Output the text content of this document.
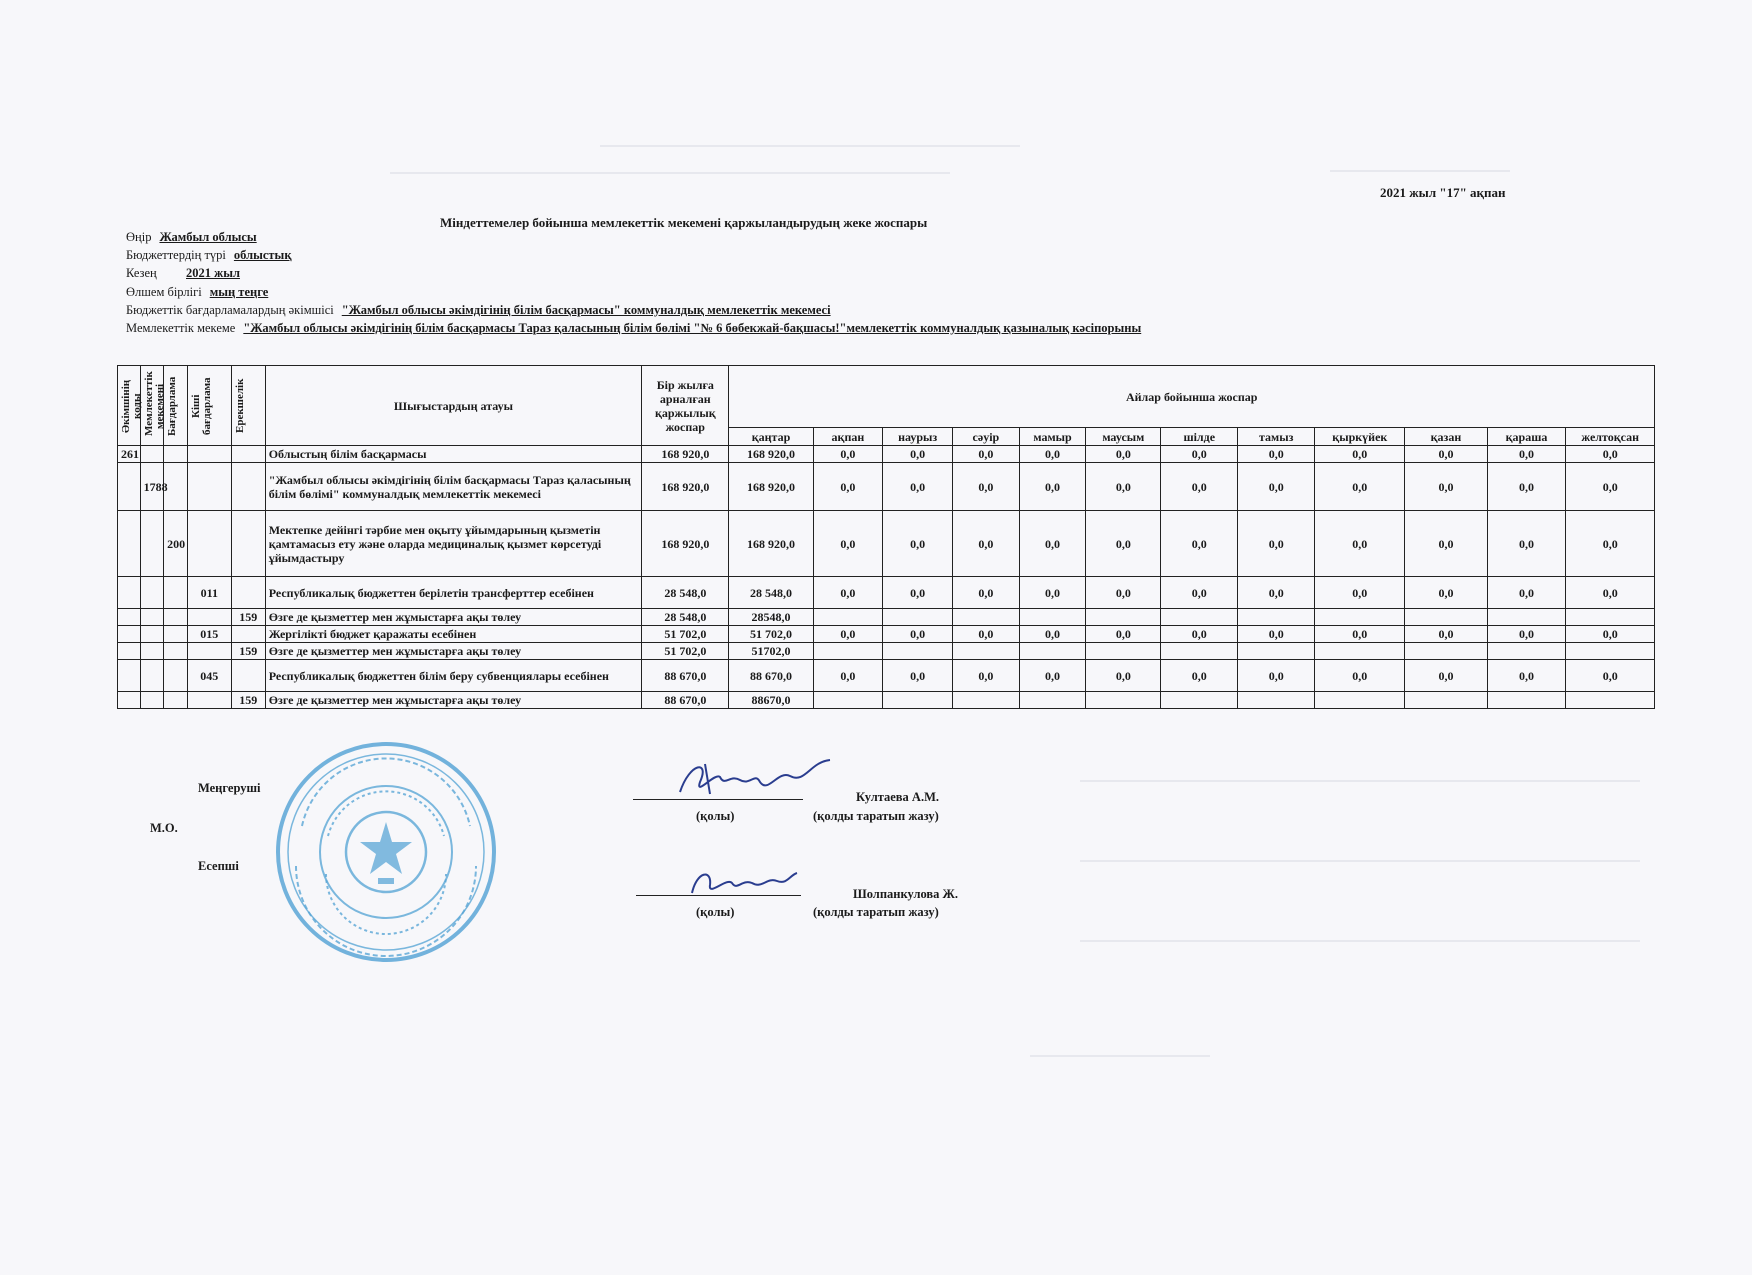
2021 жыл "17" ақпан
Міндеттемелер бойынша мемлекеттік мекемені қаржыландырудың жеке жоспары
Өңір Жамбыл облысы
Бюджеттердің түрі облыстық
Кезең 2021 жыл
Өлшем бірлігі мың теңге
Бюджеттік бағдарламалардың әкімшісі "Жамбыл облысы әкімдігінің білім басқармасы" коммуналдық мемлекеттік мекемесі
Мемлекеттік мекеме "Жамбыл облысы әкімдігінің білім басқармасы Тараз қаласының білім бөлімі "№ 6 бөбекжай-бақшасы!"мемлекеттік коммуналдық қазыналық кәсіпорыны
Әкімшінің коды	Мемлекеттік мекемені	Бағдарлама	Кіші бағдарлама	Ерекшелік	Шығыстардың атауы	Бір жылға арналған қаржылық жоспар	Айлар бойынша жоспар											
							қаңтар	ақпан	наурыз	сәуір	мамыр	маусым	шілде	тамыз	қыркүйек	қазан	қараша	желтоқсан
261					Облыстың білім басқармасы	168 920,0	168 920,0	0,0	0,0	0,0	0,0	0,0	0,0	0,0	0,0	0,0	0,0	0,0
	1788				"Жамбыл облысы әкімдігінің білім басқармасы Тараз қаласының білім бөлімі" коммуналдық мемлекеттік мекемесі	168 920,0	168 920,0	0,0	0,0	0,0	0,0	0,0	0,0	0,0	0,0	0,0	0,0	0,0
		200			Мектепке дейінгі тәрбие мен оқыту ұйымдарының қызметін қамтамасыз ету және оларда медициналық қызмет көрсетуді ұйымдастыру	168 920,0	168 920,0	0,0	0,0	0,0	0,0	0,0	0,0	0,0	0,0	0,0	0,0	0,0
			011		Республикалық бюджеттен берілетін трансферттер есебінен	28 548,0	28 548,0	0,0	0,0	0,0	0,0	0,0	0,0	0,0	0,0	0,0	0,0	0,0
				159	Өзге де қызметтер мен жұмыстарға ақы төлеу	28 548,0	28548,0											
			015		Жергілікті бюджет қаражаты есебінен	51 702,0	51 702,0	0,0	0,0	0,0	0,0	0,0	0,0	0,0	0,0	0,0	0,0	0,0
				159	Өзге де қызметтер мен жұмыстарға ақы төлеу	51 702,0	51702,0											
			045		Республикалық бюджеттен білім беру субвенциялары есебінен	88 670,0	88 670,0	0,0	0,0	0,0	0,0	0,0	0,0	0,0	0,0	0,0	0,0	0,0
				159	Өзге де қызметтер мен жұмыстарға ақы төлеу	88 670,0	88670,0											
Меңгеруші
Култаева А.М.
(қолы)	(қолды таратып жазу)
М.О.
Есепші
Шолпанкулова Ж.
(қолы)	(қолды таратып жазу)
